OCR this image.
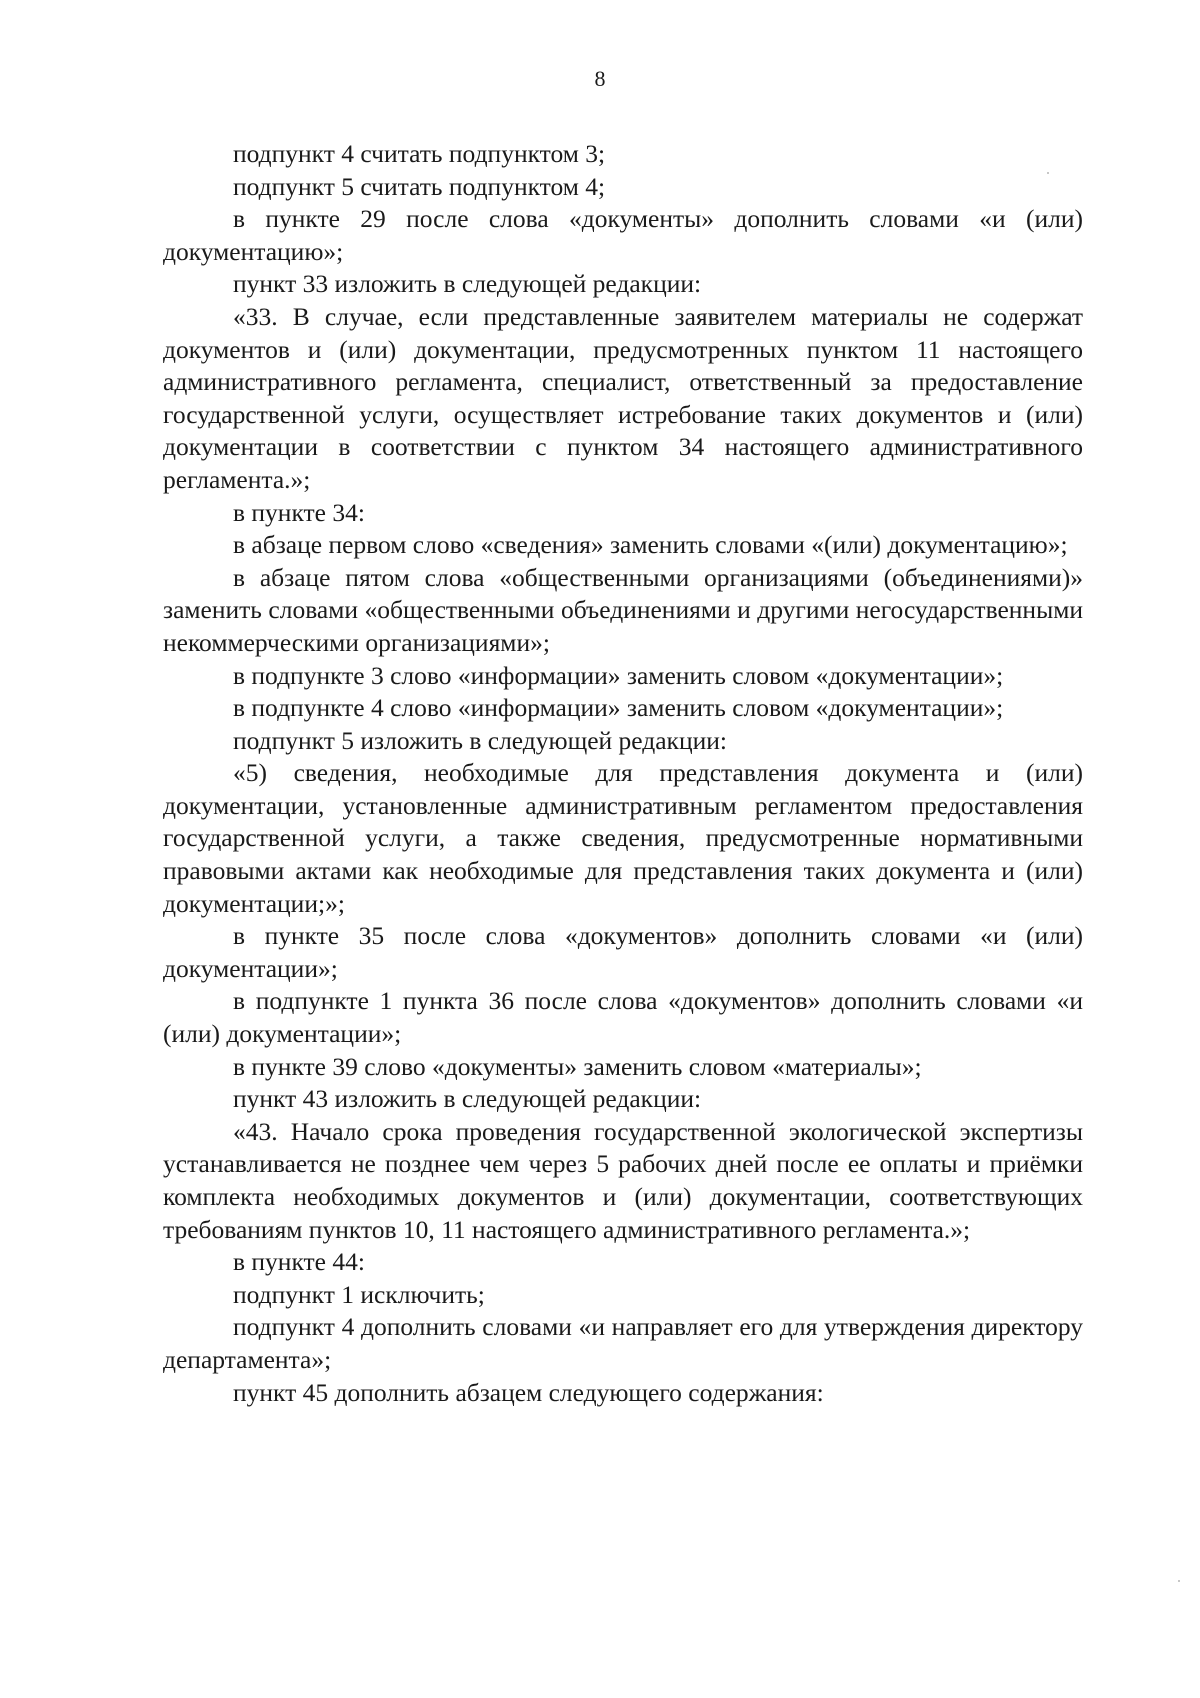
8

подпункт 4 считать подпунктом 3;

подпункт 5 считать подпунктом 4;

в пункте 29 после слова «документы» дополнить словами «и (или) документацию»;

пункт 33 изложить в следующей редакции:

«33. В случае, если представленные заявителем материалы не содержат документов и (или) документации, предусмотренных пунктом 11 настоящего административного регламента, специалист, ответственный за предоставление государственной услуги, осуществляет истребование таких документов и (или) документации в соответствии с пунктом 34 настоящего административного регламента.»;

в пункте 34:

в абзаце первом слово «сведения» заменить словами «(или) документацию»;

в абзаце пятом слова «общественными организациями (объединениями)» заменить словами «общественными объединениями и другими негосударственными некоммерческими организациями»;

в подпункте 3 слово «информации» заменить словом «документации»;

в подпункте 4 слово «информации» заменить словом «документации»;

подпункт 5 изложить в следующей редакции:

«5) сведения, необходимые для представления документа и (или) документации, установленные административным регламентом предоставления государственной услуги, а также сведения, предусмотренные нормативными правовыми актами как необходимые для представления таких документа и (или) документации;»;

в пункте 35 после слова «документов» дополнить словами «и (или) документации»;

в подпункте 1 пункта 36 после слова «документов» дополнить словами «и (или) документации»;

в пункте 39 слово «документы» заменить словом «материалы»;

пункт 43 изложить в следующей редакции:

«43. Начало срока проведения государственной экологической экспертизы устанавливается не позднее чем через 5 рабочих дней после ее оплаты и приёмки комплекта необходимых документов и (или) документации, соответствующих требованиям пунктов 10, 11 настоящего административного регламента.»;

в пункте 44:

подпункт 1 исключить;

подпункт 4 дополнить словами «и направляет его для утверждения директору департамента»;

пункт 45 дополнить абзацем следующего содержания:
